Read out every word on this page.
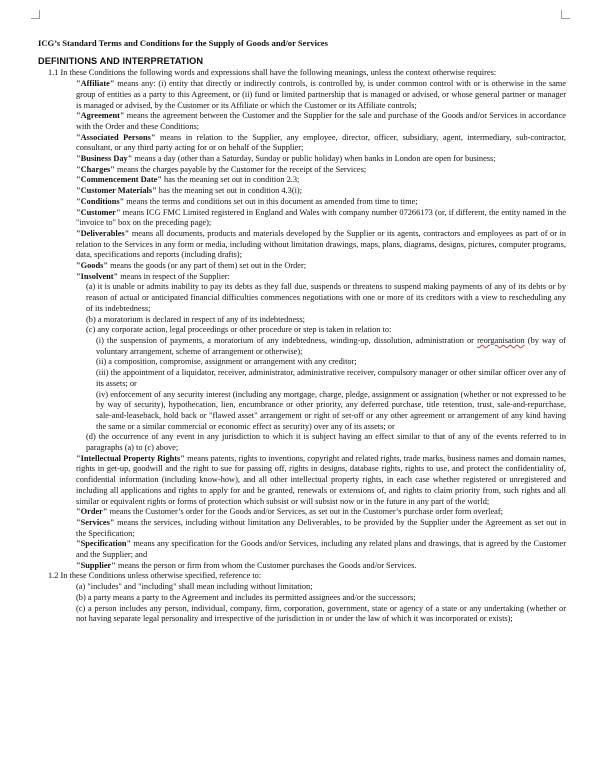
ICG’s Standard Terms and Conditions for the Supply of Goods and/or Services

DEFINITIONS AND INTERPRETATION

1.1 In these Conditions the following words and expressions shall have the following meanings, unless the context otherwise requires:

"Affiliate" means any: (i) entity that directly or indirectly controls, is controlled by, is under common control with or is otherwise in the same group of entities as a party to this Agreement, or (ii) fund or limited partnership that is managed or advised, or whose general partner or manager is managed or advised, by the Customer or its Affiliate or which the Customer or its Affiliate controls;

"Agreement" means the agreement between the Customer and the Supplier for the sale and purchase of the Goods and/or Services in accordance with the Order and these Conditions;

"Associated Persons" means in relation to the Supplier, any employee, director, officer, subsidiary, agent, intermediary, sub-contractor, consultant, or any third party acting for or on behalf of the Supplier;

"Business Day" means a day (other than a Saturday, Sunday or public holiday) when banks in London are open for business;

"Charges" means the charges payable by the Customer for the receipt of the Services;

"Commencement Date" has the meaning set out in condition 2.3;

"Customer Materials" has the meaning set out in condition 4.3(i);

"Conditions" means the terms and conditions set out in this document as amended from time to time;

"Customer" means ICG FMC Limited registered in England and Wales with company number 07266173 (or, if different, the entity named in the "invoice to" box on the preceding page);

"Deliverables" means all documents, products and materials developed by the Supplier or its agents, contractors and employees as part of or in relation to the Services in any form or media, including without limitation drawings, maps, plans, diagrams, designs, pictures, computer programs, data, specifications and reports (including drafts);

"Goods" means the goods (or any part of them) set out in the Order;

"Insolvent" means in respect of the Supplier:

(a) it is unable or admits inability to pay its debts as they fall due, suspends or threatens to suspend making payments of any of its debts or by reason of actual or anticipated financial difficulties commences negotiations with one or more of its creditors with a view to rescheduling any of its indebtedness;

(b) a moratorium is declared in respect of any of its indebtedness;

(c) any corporate action, legal proceedings or other procedure or step is taken in relation to:

(i) the suspension of payments, a moratorium of any indebtedness, winding-up, dissolution, administration or reorganisation (by way of voluntary arrangement, scheme of arrangement or otherwise);

(ii) a composition, compromise, assignment or arrangement with any creditor;

(iii) the appointment of a liquidator, receiver, administrator, administrative receiver, compulsory manager or other similar officer over any of its assets; or

(iv) enforcement of any security interest (including any mortgage, charge, pledge, assignment or assignation (whether or not expressed to be by way of security), hypothecation, lien, encumbrance or other priority, any deferred purchase, title retention, trust, sale-and-repurchase, sale-and-leaseback, hold back or "flawed asset" arrangement or right of set-off or any other agreement or arrangement of any kind having the same or a similar commercial or economic effect as security) over any of its assets; or

(d) the occurrence of any event in any jurisdiction to which it is subject having an effect similar to that of any of the events referred to in paragraphs (a) to (c) above;

"Intellectual Property Rights" means patents, rights to inventions, copyright and related rights, trade marks, business names and domain names, rights in get-up, goodwill and the right to sue for passing off, rights in designs, database rights, rights to use, and protect the confidentiality of, confidential information (including know-how), and all other intellectual property rights, in each case whether registered or unregistered and including all applications and rights to apply for and be granted, renewals or extensions of, and rights to claim priority from, such rights and all similar or equivalent rights or forms of protection which subsist or will subsist now or in the future in any part of the world;

"Order" means the Customer’s order for the Goods and/or Services, as set out in the Customer’s purchase order form overleaf;

"Services" means the services, including without limitation any Deliverables, to be provided by the Supplier under the Agreement as set out in the Specification;

"Specification" means any specification for the Goods and/or Services, including any related plans and drawings, that is agreed by the Customer and the Supplier; and

"Supplier" means the person or firm from whom the Customer purchases the Goods and/or Services.

1.2 In these Conditions unless otherwise specified, reference to:

(a) "includes" and "including" shall mean including without limitation;

(b) a party means a party to the Agreement and includes its permitted assignees and/or the successors;

(c) a person includes any person, individual, company, firm, corporation, government, state or agency of a state or any undertaking (whether or not having separate legal personality and irrespective of the jurisdiction in or under the law of which it was incorporated or exists);
